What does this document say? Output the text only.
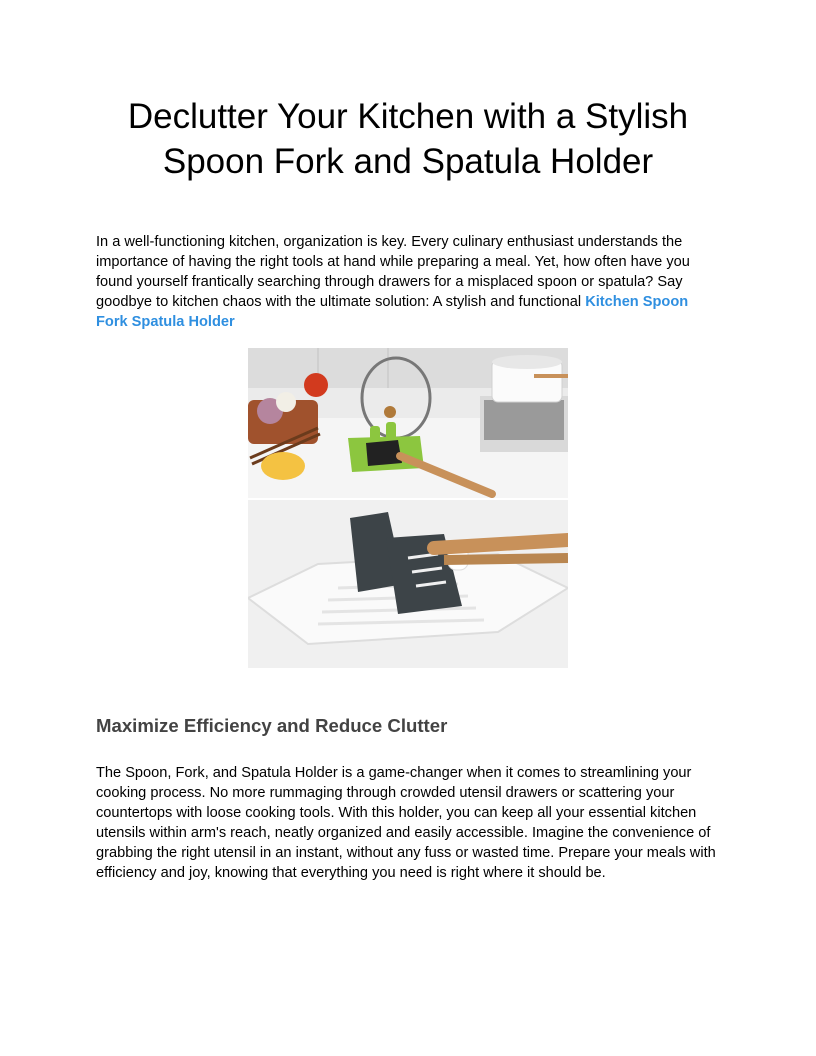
Declutter Your Kitchen with a Stylish
Spoon Fork and Spatula Holder

In a well-functioning kitchen, organization is key. Every culinary enthusiast understands the importance of having the right tools at hand while preparing a meal. Yet, how often have you found yourself frantically searching through drawers for a misplaced spoon or spatula? Say goodbye to kitchen chaos with the ultimate solution: A stylish and functional Kitchen Spoon Fork Spatula Holder

Maximize Efficiency and Reduce Clutter

The Spoon, Fork, and Spatula Holder is a game-changer when it comes to streamlining your cooking process. No more rummaging through crowded utensil drawers or scattering your countertops with loose cooking tools. With this holder, you can keep all your essential kitchen utensils within arm's reach, neatly organized and easily accessible. Imagine the convenience of grabbing the right utensil in an instant, without any fuss or wasted time. Prepare your meals with efficiency and joy, knowing that everything you need is right where it should be.
